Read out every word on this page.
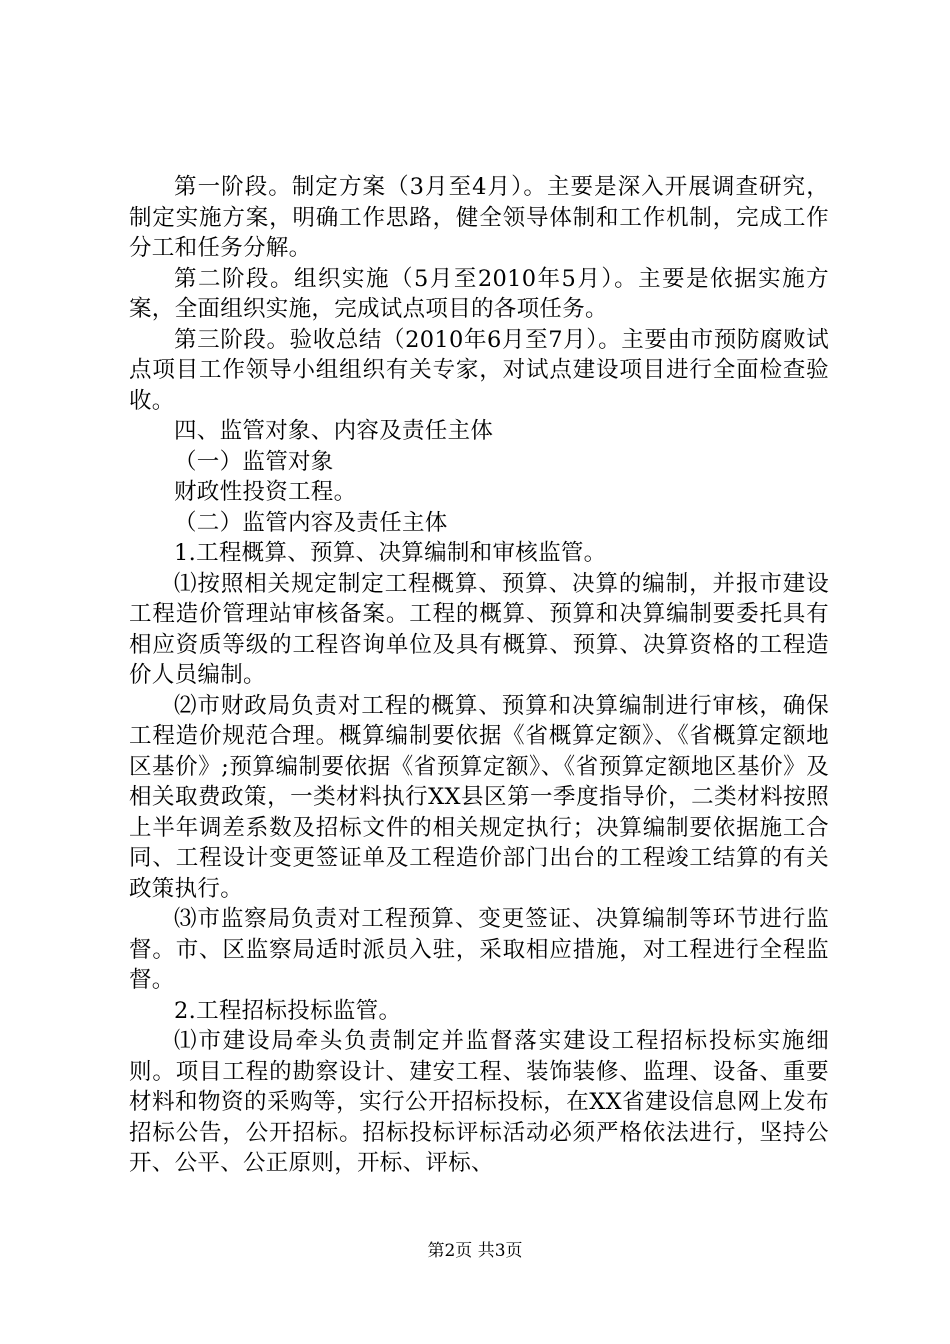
第一阶段。制定方案（3月至4月）。主要是深入开展调查研究，制定实施方案，明确工作思路，健全领导体制和工作机制，完成工作分工和任务分解。

第二阶段。组织实施（5月至2010年5月）。主要是依据实施方案，全面组织实施，完成试点项目的各项任务。

第三阶段。验收总结（2010年6月至7月）。主要由市预防腐败试点项目工作领导小组组织有关专家，对试点建设项目进行全面检查验收。

四、监管对象、内容及责任主体

（一）监管对象

财政性投资工程。

（二）监管内容及责任主体

1.工程概算、预算、决算编制和审核监管。

⑴按照相关规定制定工程概算、预算、决算的编制，并报市建设工程造价管理站审核备案。工程的概算、预算和决算编制要委托具有相应资质等级的工程咨询单位及具有概算、预算、决算资格的工程造价人员编制。

⑵市财政局负责对工程的概算、预算和决算编制进行审核，确保工程造价规范合理。概算编制要依据《省概算定额》、《省概算定额地区基价》;预算编制要依据《省预算定额》、《省预算定额地区基价》及相关取费政策，一类材料执行XX县区第一季度指导价，二类材料按照上半年调差系数及招标文件的相关规定执行；决算编制要依据施工合同、工程设计变更签证单及工程造价部门出台的工程竣工结算的有关政策执行。

⑶市监察局负责对工程预算、变更签证、决算编制等环节进行监督。市、区监察局适时派员入驻，采取相应措施，对工程进行全程监督。

2.工程招标投标监管。

⑴市建设局牵头负责制定并监督落实建设工程招标投标实施细则。项目工程的勘察设计、建安工程、装饰装修、监理、设备、重要材料和物资的采购等，实行公开招标投标，在XX省建设信息网上发布招标公告，公开招标。招标投标评标活动必须严格依法进行，坚持公开、公平、公正原则，开标、评标、

第2页 共3页
